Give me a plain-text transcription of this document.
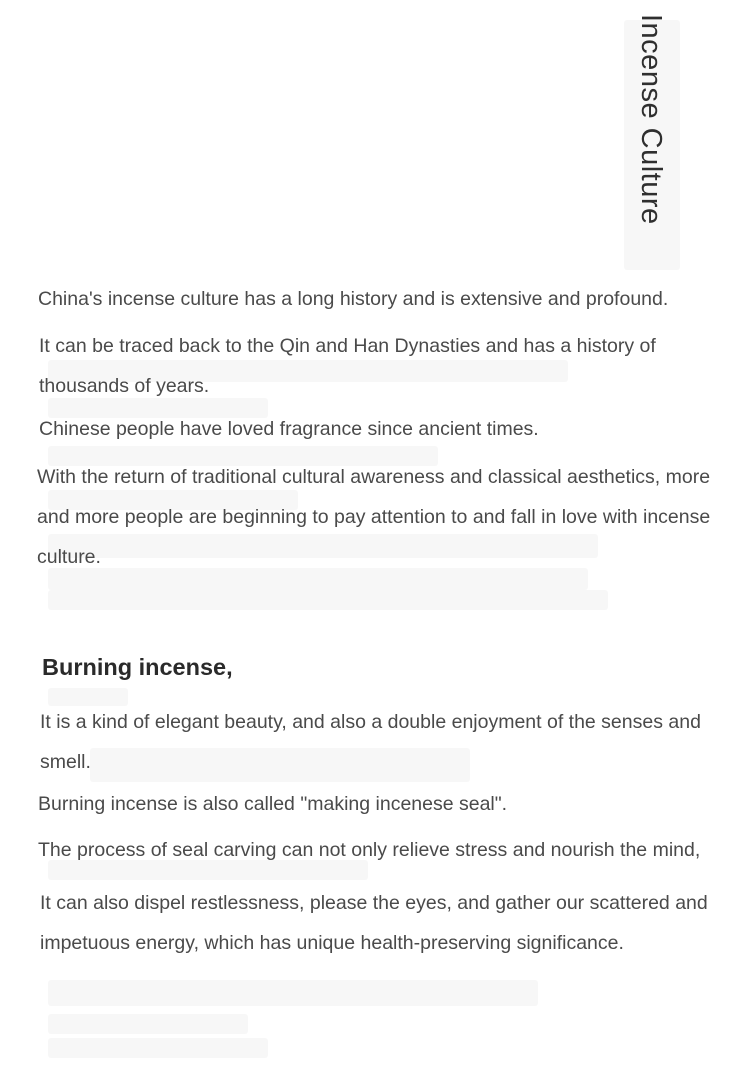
Incense Culture

China's incense culture has a long history and is extensive and profound.

It can be traced back to the Qin and Han Dynasties and has a history of thousands of years.

Chinese people have loved fragrance since ancient times.

With the return of traditional cultural awareness and classical aesthetics, more and more people are beginning to pay attention to and fall in love with incense culture.

Burning incense,

It is a kind of elegant beauty, and also a double enjoyment of the senses and smell.

Burning incense is also called "making incenese seal".

The process of seal carving can not only relieve stress and nourish the mind,

It can also dispel restlessness, please the eyes, and gather our scattered and impetuous energy, which has unique health-preserving significance.
